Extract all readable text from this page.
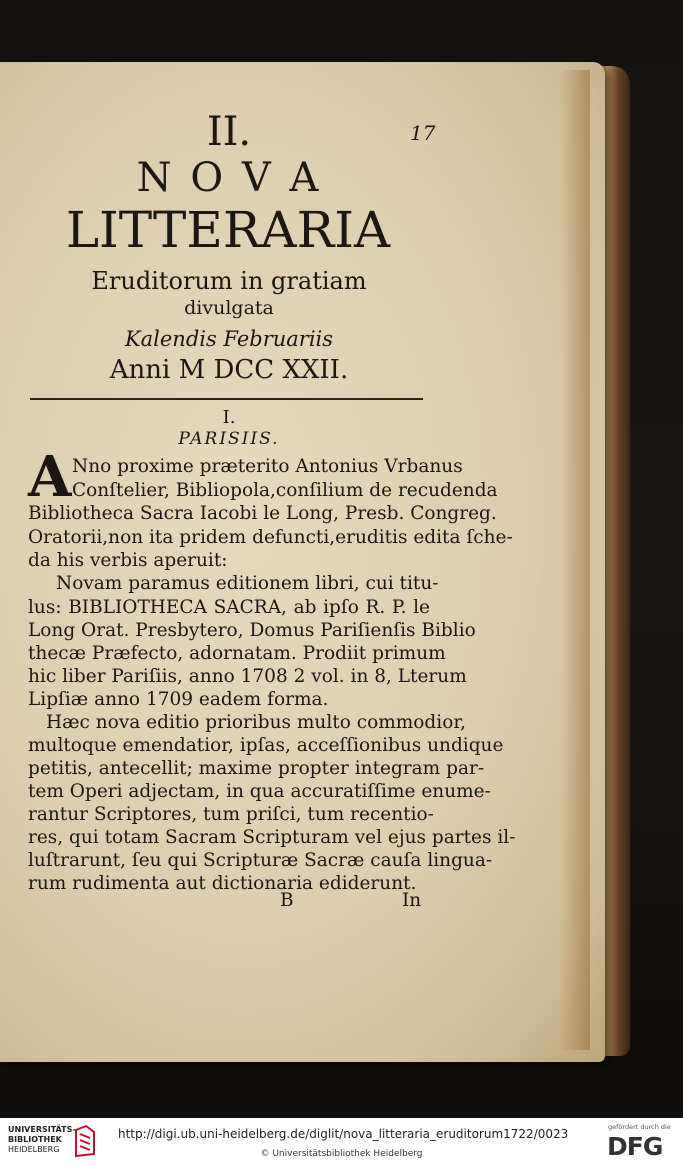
17
II.
N O V A
LITTERARIA
Eruditorum in gratiam
divulgata
Kalendis Februariis
Anni M DCC XXII.
I.
PARISIIS.
A Nno proxime præterito Antonius Vrbanus
Conſtelier, Bibliopola,conſilium de recudenda
Bibliotheca Sacra Iacobi le Long, Presb. Congreg.
Oratorii,non ita pridem defuncti,eruditis edita ſche-
da his verbis aperuit:
Novam paramus editionem libri, cui titu-
lus: BIBLIOTHECA SACRA, ab ipſo R. P. le
Long Orat. Presbytero, Domus Pariſienſis Biblio
thecæ Præfecto, adornatam. Prodiit primum
hic liber Pariſiis, anno 1708 2 vol. in 8, Lterum
Lipſiæ anno 1709 eadem forma.
Hæc nova editio prioribus multo commodior,
multoque emendatior, ipſas, acceſſionibus undique
petitis, antecellit; maxime propter integram par-
tem Operi adjectam, in qua accuratiſſime enume-
rantur Scriptores, tum priſci, tum recentio-
res, qui totam Sacram Scripturam vel ejus partes il-
luſtrarunt, ſeu qui Scripturæ Sacræ cauſa lingua-
rum rudimenta aut dictionaria ediderunt.
B	In
UNIVERSITÄTS-
BIBLIOTHEK
HEIDELBERG
http://digi.ub.uni-heidelberg.de/diglit/nova_litteraria_eruditorum1722/0023
© Universitätsbibliothek Heidelberg
gefördert durch die
DFG
